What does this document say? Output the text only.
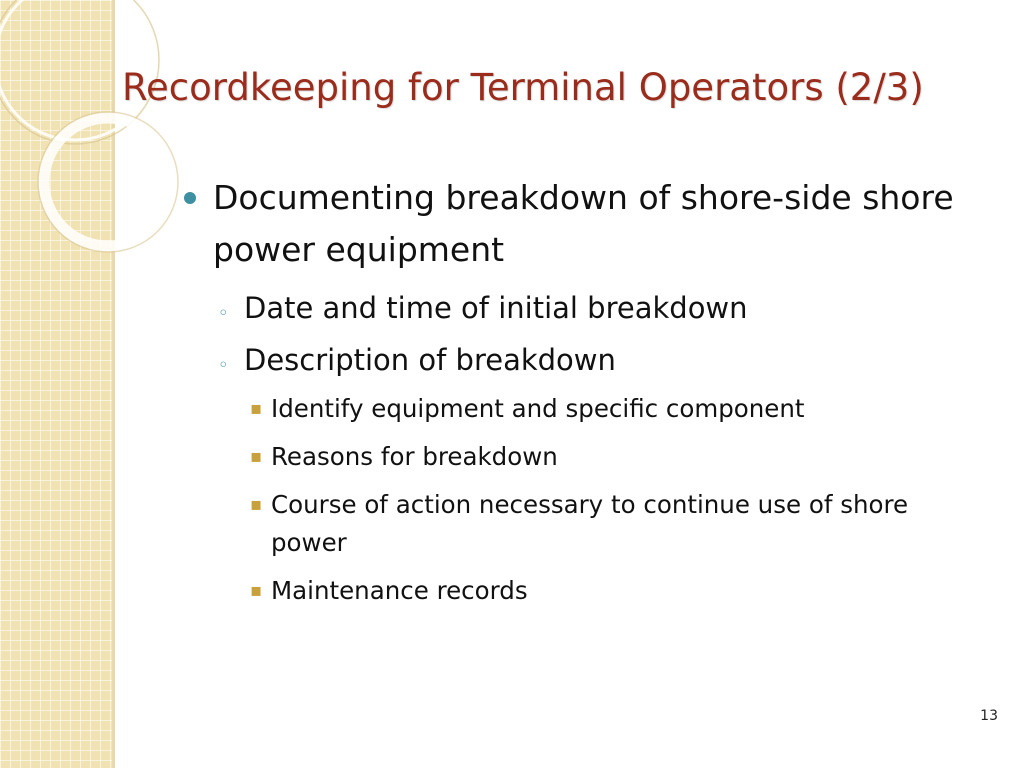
Recordkeeping for Terminal Operators (2/3)
Documenting breakdown of shore-side shore power equipment
◦ Date and time of initial breakdown
◦ Description of breakdown
▪ Identify equipment and specific component
▪ Reasons for breakdown
▪ Course of action necessary to continue use of shore power
▪ Maintenance records
13
